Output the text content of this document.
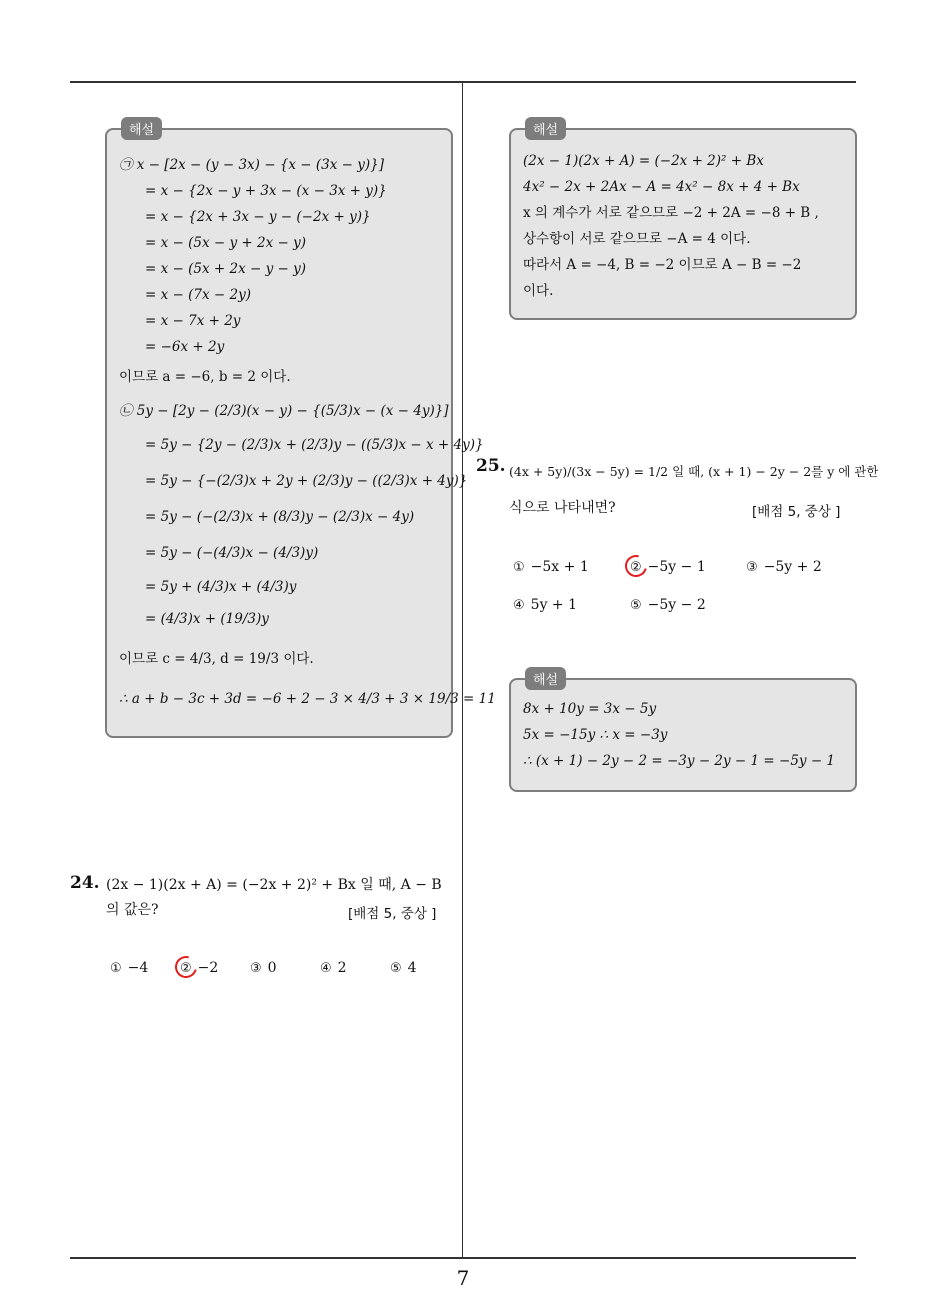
해설
㉠ x − [2x − (y − 3x) − {x − (3x − y)}]
= x − {2x − y + 3x − (x − 3x + y)}
= x − {2x + 3x − y − (−2x + y)}
= x − (5x − y + 2x − y)
= x − (5x + 2x − y − y)
= x − (7x − 2y)
= x − 7x + 2y
= −6x + 2y
이므로 a = −6, b = 2 이다.
㉡ 5y − [2y − (2/3)(x − y) − {(5/3)x − (x − 4y)}]
= 5y − {2y − (2/3)x + (2/3)y − ((5/3)x − x + 4y)}
= 5y − {−(2/3)x + 2y + (2/3)y − ((2/3)x + 4y)}
= 5y − (−(2/3)x + (8/3)y − (2/3)x − 4y)
= 5y − (−(4/3)x − (4/3)y)
= 5y + (4/3)x + (4/3)y
= (4/3)x + (19/3)y
이므로 c = 4/3, d = 19/3 이다.
∴ a + b − 3c + 3d = −6 + 2 − 3 × 4/3 + 3 × 19/3 = 11
24. (2x − 1)(2x + A) = (−2x + 2)² + Bx 일 때, A − B
의 값은?	[배점 5, 중상 ]
① −4 ② −2 ③ 0	④ 2	⑤ 4
해설
(2x − 1)(2x + A) = (−2x + 2)² + Bx
4x² − 2x + 2Ax − A = 4x² − 8x + 4 + Bx
x 의 계수가 서로 같으므로 −2 + 2A = −8 + B ,
상수항이 서로 같으므로 −A = 4 이다.
따라서 A = −4, B = −2 이므로 A − B = −2
이다.
25. (4x + 5y)/(3x − 5y) = 1/2 일 때, (x + 1) − 2y − 2를 y 에 관한
식으로 나타내면?	[배점 5, 중상 ]
① −5x + 1	② −5y − 1	③ −5y + 2
④ 5y + 1	⑤ −5y − 2
해설
8x + 10y = 3x − 5y
5x = −15y ∴ x = −3y
∴ (x + 1) − 2y − 2 = −3y − 2y − 1 = −5y − 1
7
